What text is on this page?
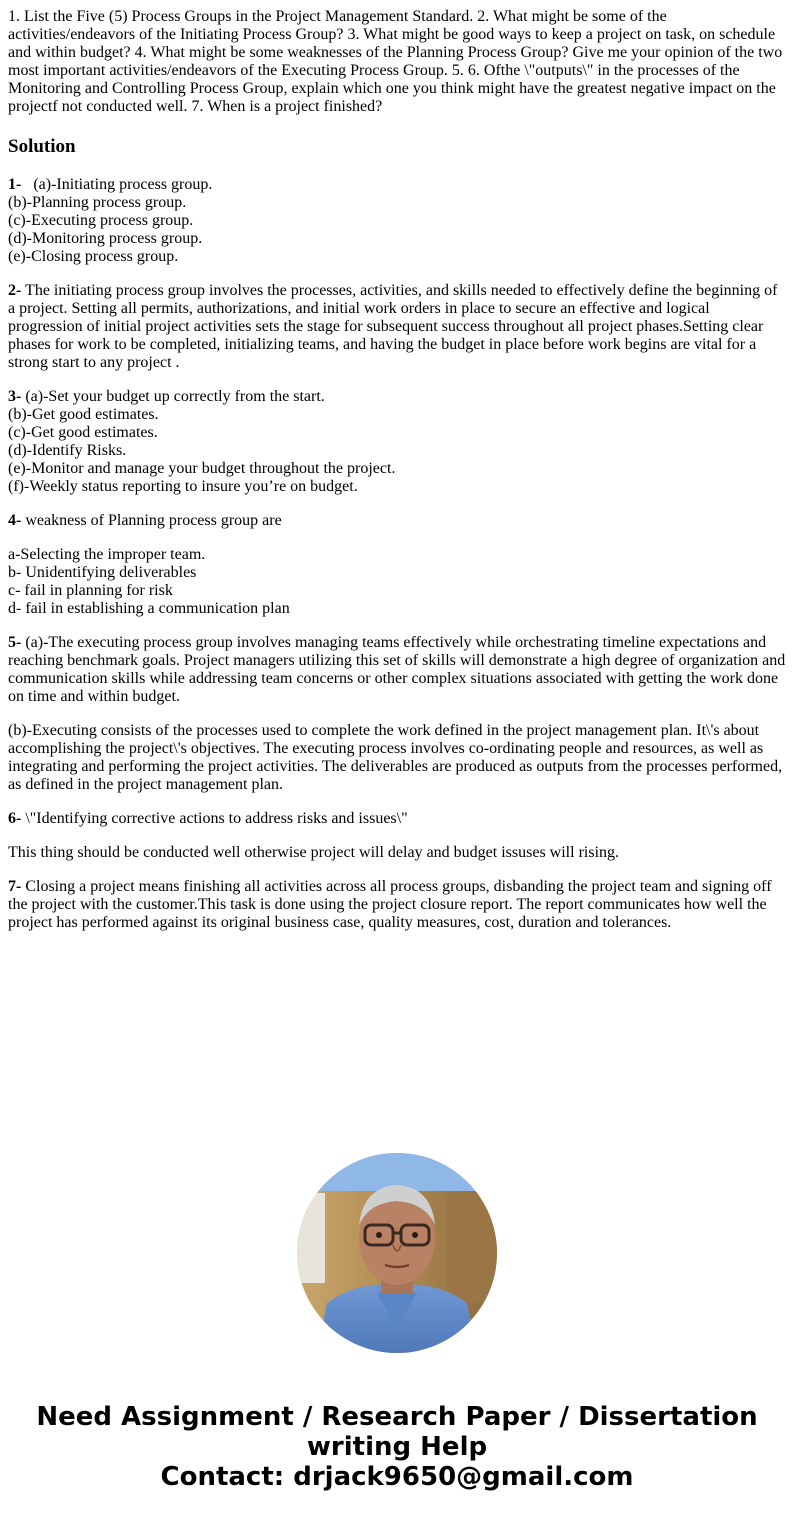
1. List the Five (5) Process Groups in the Project Management Standard. 2. What might be some of the activities/endeavors of the Initiating Process Group? 3. What might be good ways to keep a project on task, on schedule and within budget? 4. What might be some weaknesses of the Planning Process Group? Give me your opinion of the two most important activities/endeavors of the Executing Process Group. 5. 6. Ofthe \"outputs\" in the processes of the Monitoring and Controlling Process Group, explain which one you think might have the greatest negative impact on the projectf not conducted well. 7. When is a project finished?
Solution
1- (a)-Initiating process group.
(b)-Planning process group.
(c)-Executing process group.
(d)-Monitoring process group.
(e)-Closing process group.
2- The initiating process group involves the processes, activities, and skills needed to effectively define the beginning of a project. Setting all permits, authorizations, and initial work orders in place to secure an effective and logical progression of initial project activities sets the stage for subsequent success throughout all project phases.Setting clear phases for work to be completed, initializing teams, and having the budget in place before work begins are vital for a strong start to any project .
3- (a)-Set your budget up correctly from the start.
(b)-Get good estimates.
(c)-Get good estimates.
(d)-Identify Risks.
(e)-Monitor and manage your budget throughout the project.
(f)-Weekly status reporting to insure you’re on budget.
4- weakness of Planning process group are
a-Selecting the improper team.
b- Unidentifying deliverables
c- fail in planning for risk
d- fail in establishing a communication plan
5- (a)-The executing process group involves managing teams effectively while orchestrating timeline expectations and reaching benchmark goals. Project managers utilizing this set of skills will demonstrate a high degree of organization and communication skills while addressing team concerns or other complex situations associated with getting the work done on time and within budget.
(b)-Executing consists of the processes used to complete the work defined in the project management plan. It\'s about accomplishing the project\'s objectives. The executing process involves co-ordinating people and resources, as well as integrating and performing the project activities. The deliverables are produced as outputs from the processes performed, as defined in the project management plan.
6- \"Identifying corrective actions to address risks and issues\"
This thing should be conducted well otherwise project will delay and budget issuses will rising.
7- Closing a project means finishing all activities across all process groups, disbanding the project team and signing off the project with the customer.This task is done using the project closure report. The report communicates how well the project has performed against its original business case, quality measures, cost, duration and tolerances.
Need Assignment / Research Paper / Dissertation
writing Help
Contact: drjack9650@gmail.com
